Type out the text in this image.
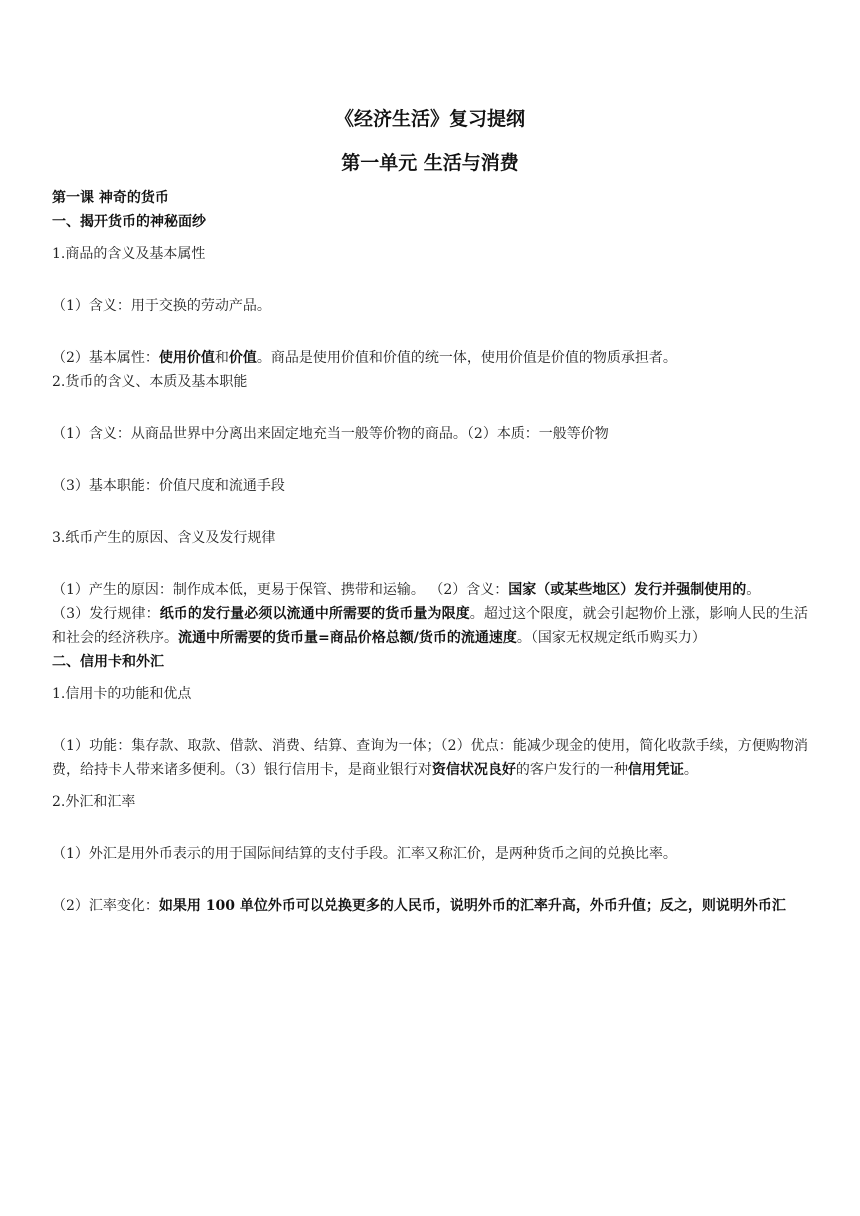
《经济生活》复习提纲
第一单元 生活与消费

第一课 神奇的货币

一、揭开货币的神秘面纱

1.商品的含义及基本属性

（1）含义：用于交换的劳动产品。

（2）基本属性：使用价值和价值。商品是使用价值和价值的统一体，使用价值是价值的物质承担者。

2.货币的含义、本质及基本职能

（1）含义：从商品世界中分离出来固定地充当一般等价物的商品。（2）本质：一般等价物

（3）基本职能：价值尺度和流通手段

3.纸币产生的原因、含义及发行规律

（1）产生的原因：制作成本低，更易于保管、携带和运输。 （2）含义：国家（或某些地区）发行并强制使用的。

（3）发行规律：纸币的发行量必须以流通中所需要的货币量为限度。超过这个限度，就会引起物价上涨，影响人民的生活和社会的经济秩序。流通中所需要的货币量=商品价格总额/货币的流通速度。（国家无权规定纸币购买力）

二、信用卡和外汇

1.信用卡的功能和优点

（1）功能：集存款、取款、借款、消费、结算、查询为一体；（2）优点：能减少现金的使用，简化收款手续，方便购物消费，给持卡人带来诸多便利。（3）银行信用卡，是商业银行对资信状况良好的客户发行的一种信用凭证。

2.外汇和汇率

（1）外汇是用外币表示的用于国际间结算的支付手段。汇率又称汇价，是两种货币之间的兑换比率。

（2）汇率变化：如果用 100 单位外币可以兑换更多的人民币，说明外币的汇率升高，外币升值；反之，则说明外币汇
